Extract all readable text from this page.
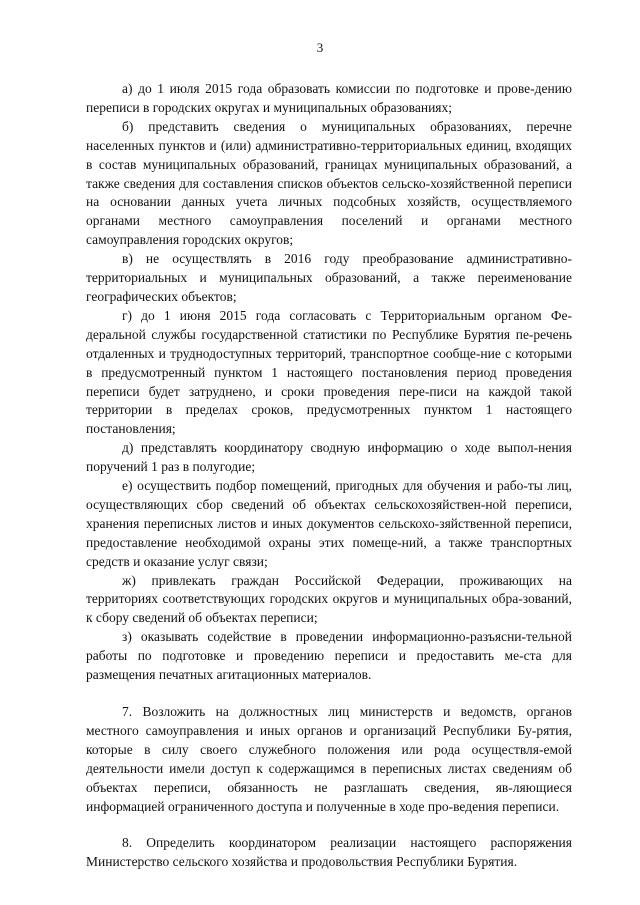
3

а) до 1 июля 2015 года образовать комиссии по подготовке и прове-дению переписи в городских округах и муниципальных образованиях;

б) представить сведения о муниципальных образованиях, перечне населенных пунктов и (или) административно-территориальных единиц, входящих в состав муниципальных образований, границах муниципальных образований, а также сведения для составления списков объектов сельско-хозяйственной переписи на основании данных учета личных подсобных хозяйств, осуществляемого органами местного самоуправления поселений и органами местного самоуправления городских округов;

в) не осуществлять в 2016 году преобразование административно-территориальных и муниципальных образований, а также переименование географических объектов;

г) до 1 июня 2015 года согласовать с Территориальным органом Фе-деральной службы государственной статистики по Республике Бурятия пе-речень отдаленных и труднодоступных территорий, транспортное сообще-ние с которыми в предусмотренный пунктом 1 настоящего постановления период проведения переписи будет затруднено, и сроки проведения пере-писи на каждой такой территории в пределах сроков, предусмотренных пунктом 1 настоящего постановления;

д) представлять координатору сводную информацию о ходе выпол-нения поручений 1 раз в полугодие;

е) осуществить подбор помещений, пригодных для обучения и рабо-ты лиц, осуществляющих сбор сведений об объектах сельскохозяйствен-ной переписи, хранения переписных листов и иных документов сельскохо-зяйственной переписи, предоставление необходимой охраны этих помеще-ний, а также транспортных средств и оказание услуг связи;

ж) привлекать граждан Российской Федерации, проживающих на территориях соответствующих городских округов и муниципальных обра-зований, к сбору сведений об объектах переписи;

з) оказывать содействие в проведении информационно-разъясни-тельной работы по подготовке и проведению переписи и предоставить ме-ста для размещения печатных агитационных материалов.

7. Возложить на должностных лиц министерств и ведомств, органов местного самоуправления и иных органов и организаций Республики Бу-рятия, которые в силу своего служебного положения или рода осуществля-емой деятельности имели доступ к содержащимся в переписных листах сведениям об объектах переписи, обязанность не разглашать сведения, яв-ляющиеся информацией ограниченного доступа и полученные в ходе про-ведения переписи.

8. Определить координатором реализации настоящего распоряжения Министерство сельского хозяйства и продовольствия Республики Бурятия.
